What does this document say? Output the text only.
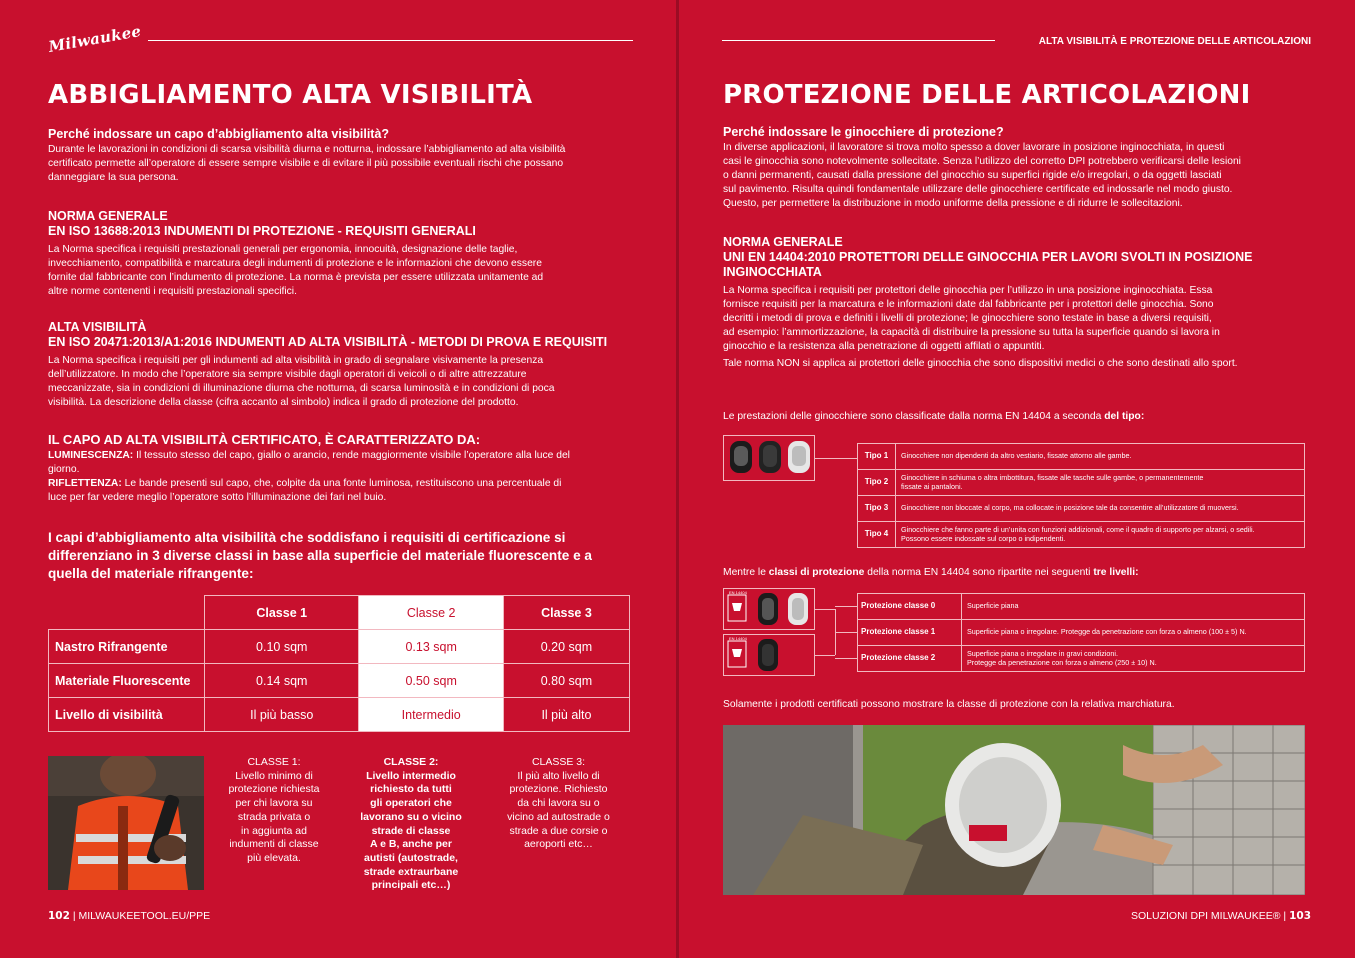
Milwaukee
ABBIGLIAMENTO ALTA VISIBILITÀ
Perché indossare un capo d’abbigliamento alta visibilità?
Durante le lavorazioni in condizioni di scarsa visibilità diurna e notturna, indossare l’abbigliamento ad alta visibilità
certificato permette all’operatore di essere sempre visibile e di evitare il più possibile eventuali rischi che possano
danneggiare la sua persona.
NORMA GENERALE
EN ISO 13688:2013 INDUMENTI DI PROTEZIONE - REQUISITI GENERALI
La Norma specifica i requisiti prestazionali generali per ergonomia, innocuità, designazione delle taglie,
invecchiamento, compatibilità e marcatura degli indumenti di protezione e le informazioni che devono essere
fornite dal fabbricante con l’indumento di protezione. La norma è prevista per essere utilizzata unitamente ad
altre norme contenenti i requisiti prestazionali specifici.
ALTA VISIBILITÀ
EN ISO 20471:2013/A1:2016 INDUMENTI AD ALTA VISIBILITÀ - METODI DI PROVA E REQUISITI
La Norma specifica i requisiti per gli indumenti ad alta visibilità in grado di segnalare visivamente la presenza
dell’utilizzatore. In modo che l’operatore sia sempre visibile dagli operatori di veicoli o di altre attrezzature
meccanizzate, sia in condizioni di illuminazione diurna che notturna, di scarsa luminosità e in condizioni di poca
visibilità. La descrizione della classe (cifra accanto al simbolo) indica il grado di protezione del prodotto.
IL CAPO AD ALTA VISIBILITÀ CERTIFICATO, È CARATTERIZZATO DA:
LUMINESCENZA: Il tessuto stesso del capo, giallo o arancio, rende maggiormente visibile l’operatore alla luce del
giorno.
RIFLETTENZA: Le bande presenti sul capo, che, colpite da una fonte luminosa, restituiscono una percentuale di
luce per far vedere meglio l’operatore sotto l’illuminazione dei fari nel buio.
I capi d’abbigliamento alta visibilità che soddisfano i requisiti di certificazione si
differenziano in 3 diverse classi in base alla superficie del materiale fluorescente e a
quella del materiale rifrangente:
	Classe 1	Classe 2	Classe 3
Nastro Rifrangente	0.10 sqm	0.13 sqm	0.20 sqm
Materiale Fluorescente	0.14 sqm	0.50 sqm	0.80 sqm
Livello di visibilità	Il più basso	Intermedio	Il più alto
CLASSE 1:
Livello minimo di
protezione richiesta
per chi lavora su
strada privata o
in aggiunta ad
indumenti di classe
più elevata.
CLASSE 2:
Livello intermedio
richiesto da tutti
gli operatori che
lavorano su o vicino
strade di classe
A e B, anche per
autisti (autostrade,
strade extraurbane
principali etc…)
CLASSE 3:
Il più alto livello di
protezione. Richiesto
da chi lavora su o
vicino ad autostrade o
strade a due corsie o
aeroporti etc…
102 | MILWAUKEETOOL.EU/PPE
ALTA VISIBILITÀ E PROTEZIONE DELLE ARTICOLAZIONI
PROTEZIONE DELLE ARTICOLAZIONI
Perché indossare le ginocchiere di protezione?
In diverse applicazioni, il lavoratore si trova molto spesso a dover lavorare in posizione inginocchiata, in questi
casi le ginocchia sono notevolmente sollecitate. Senza l’utilizzo del corretto DPI potrebbero verificarsi delle lesioni
o danni permanenti, causati dalla pressione del ginocchio su superfici rigide e/o irregolari, o da oggetti lasciati
sul pavimento. Risulta quindi fondamentale utilizzare delle ginocchiere certificate ed indossarle nel modo giusto.
Questo, per permettere la distribuzione in modo uniforme della pressione e di ridurre le sollecitazioni.
NORMA GENERALE
UNI EN 14404:2010 PROTETTORI DELLE GINOCCHIA PER LAVORI SVOLTI IN POSIZIONE
INGINOCCHIATA
La Norma specifica i requisiti per protettori delle ginocchia per l’utilizzo in una posizione inginocchiata. Essa
fornisce requisiti per la marcatura e le informazioni date dal fabbricante per i protettori delle ginocchia. Sono
decritti i metodi di prova e definiti i livelli di protezione; le ginocchiere sono testate in base a diversi requisiti,
ad esempio: l’ammortizzazione, la capacità di distribuire la pressione su tutta la superficie quando si lavora in
ginocchio e la resistenza alla penetrazione di oggetti affilati o appuntiti.
Tale norma NON si applica ai protettori delle ginocchia che sono dispositivi medici o che sono destinati allo sport.
Le prestazioni delle ginocchiere sono classificate dalla norma EN 14404 a seconda del tipo:
Tipo 1	Ginocchiere non dipendenti da altro vestiario, fissate attorno alle gambe.

Tipo 2	Ginocchiere in schiuma o altra imbottitura, fissate alle tasche sulle gambe, o permanentemente
fissate ai pantaloni.

Tipo 3	Ginocchiere non bloccate al corpo, ma collocate in posizione tale da consentire all’utilizzatore di muoversi.

Tipo 4	Ginocchiere che fanno parte di un’unita con funzioni addizionali, come il quadro di supporto per alzarsi, o sedili.
Possono essere indossate sul corpo o indipendenti.
Mentre le classi di protezione della norma EN 14404 sono ripartite nei seguenti tre livelli:
EN 14404
EN 14404
Protezione classe 0	Superficie piana

Protezione classe 1	Superficie piana o irregolare. Protegge da penetrazione con forza o almeno (100 ± 5) N.

Protezione classe 2	Superficie piana o irregolare in gravi condizioni.
Protegge da penetrazione con forza o almeno (250 ± 10) N.
Solamente i prodotti certificati possono mostrare la classe di protezione con la relativa marchiatura.
SOLUZIONI DPI MILWAUKEE® | 103
